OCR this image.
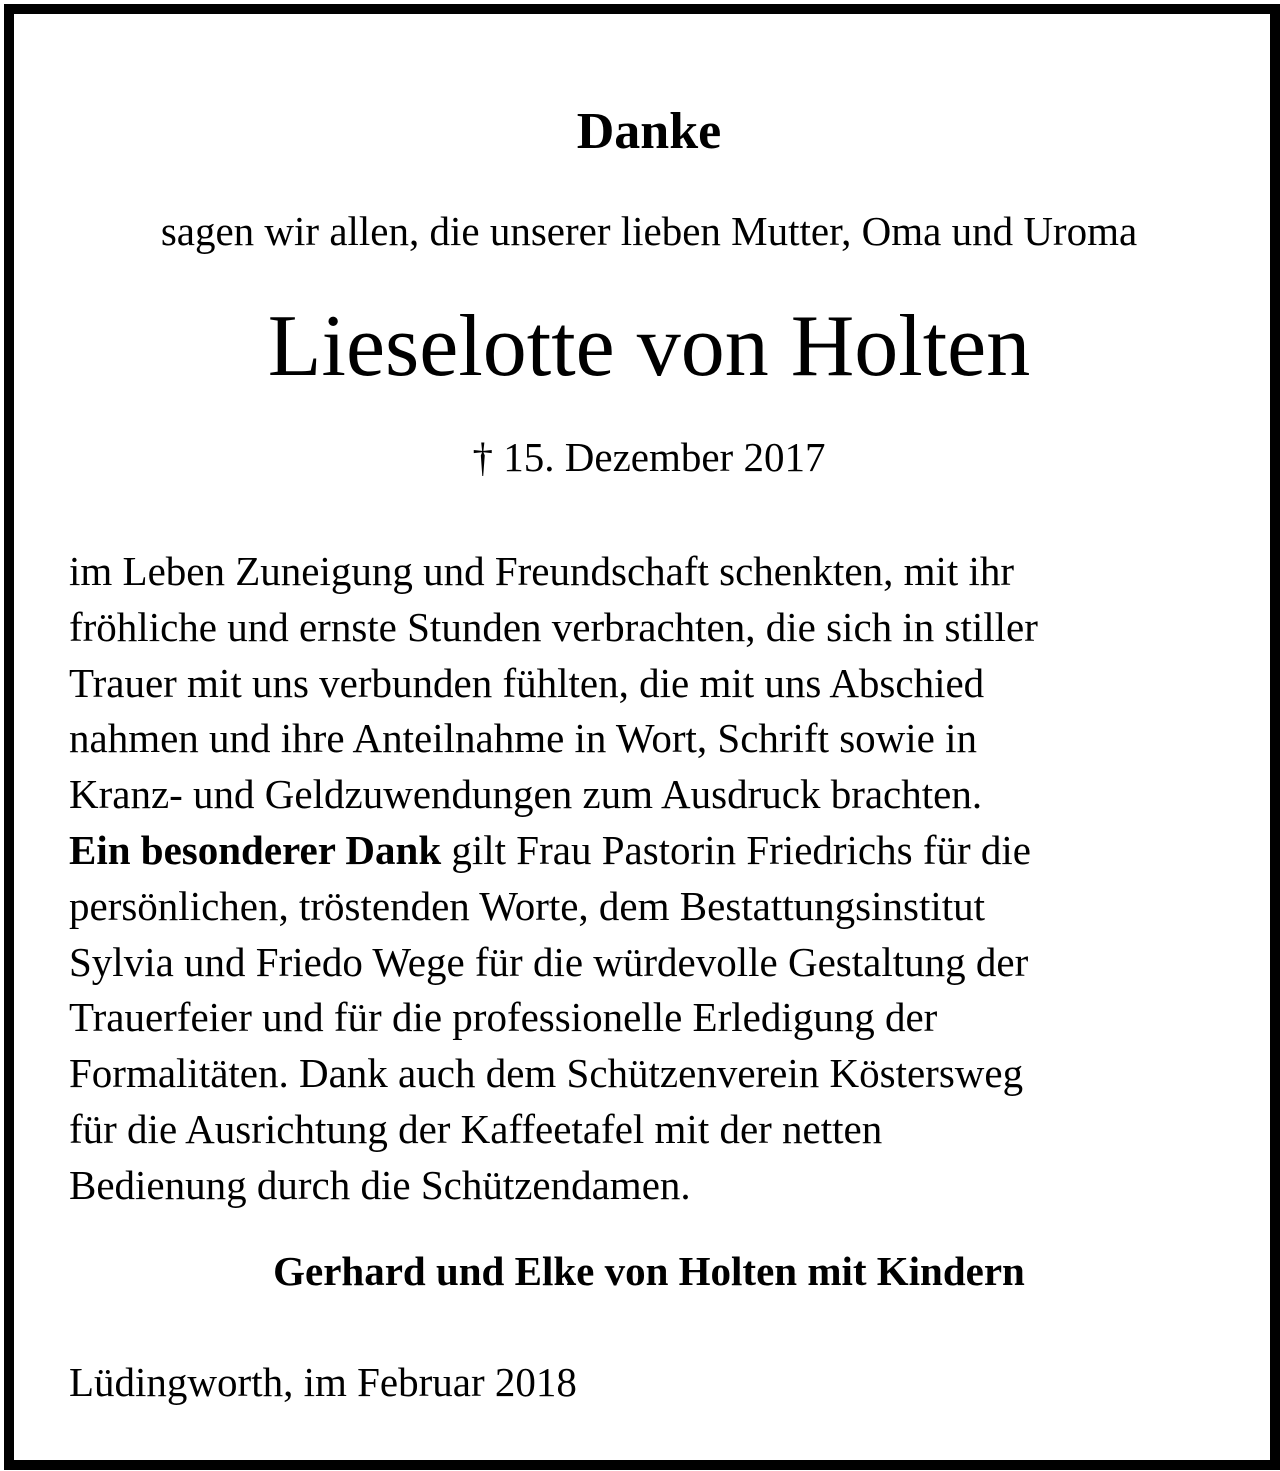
Danke
sagen wir allen, die unserer lieben Mutter, Oma und Uroma
Lieselotte von Holten
† 15. Dezember 2017
im Leben Zuneigung und Freundschaft schenkten, mit ihr
fröhliche und ernste Stunden verbrachten, die sich in stiller
Trauer mit uns verbunden fühlten, die mit uns Abschied
nahmen und ihre Anteilnahme in Wort, Schrift sowie in
Kranz- und Geldzuwendungen zum Ausdruck brachten.
Ein besonderer Dank gilt Frau Pastorin Friedrichs für die
persönlichen, tröstenden Worte, dem Bestattungsinstitut
Sylvia und Friedo Wege für die würdevolle Gestaltung der
Trauerfeier und für die professionelle Erledigung der
Formalitäten. Dank auch dem Schützenverein Köstersweg
für die Ausrichtung der Kaffeetafel mit der netten
Bedienung durch die Schützendamen.
Gerhard und Elke von Holten mit Kindern
Lüdingworth, im Februar 2018
